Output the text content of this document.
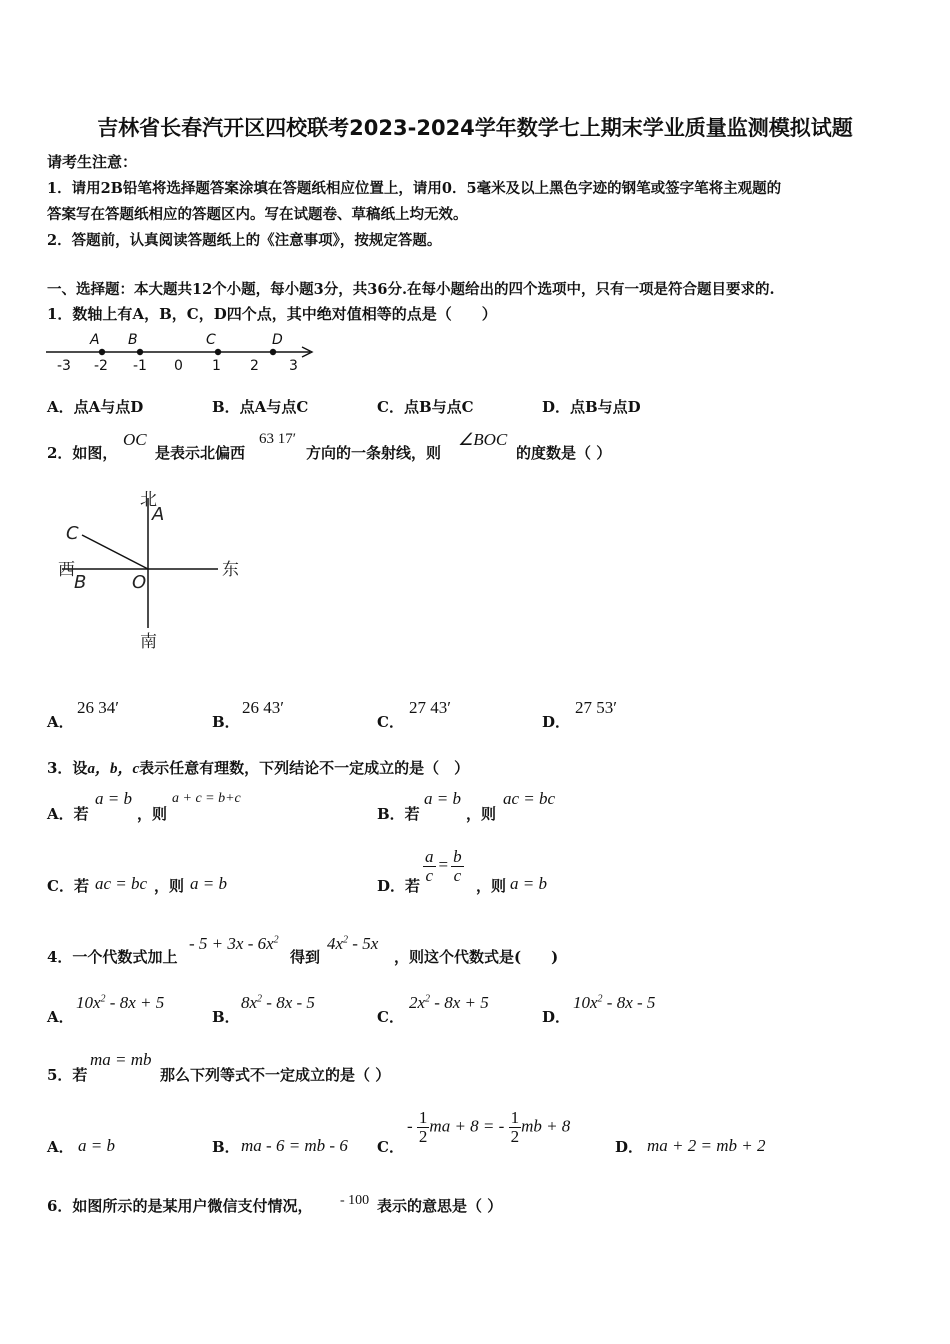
吉林省长春汽开区四校联考2023-2024学年数学七上期末学业质量监测模拟试题
请考生注意：
1．请用2B铅笔将选择题答案涂填在答题纸相应位置上，请用0．5毫米及以上黑色字迹的钢笔或签字笔将主观题的
答案写在答题纸相应的答题区内。写在试题卷、草稿纸上均无效。
2．答题前，认真阅读答题纸上的《注意事项》，按规定答题。
一、选择题：本大题共12个小题，每小题3分，共36分.在每小题给出的四个选项中，只有一项是符合题目要求的.
1．数轴上有A，B，C，D四个点，其中绝对值相等的点是（　　）
-3 -2 -1 0 1 2 3
A B	C	D
A．点A与点D	B．点A与点C	C．点B与点C	D．点B与点D
2．如图，
OC
是表示北偏西
63 17′
方向的一条射线，则
∠BOC
的度数是（ ）
北
南
东
西
A
B
C
O
A．
26 34′
B．
26 43′
C．
27 43′
D．
27 53′
3．设a，b，c表示任意有理数，下列结论不一定成立的是（　）
A．若
a = b
，则
a + c = b+c
B．若
a = b
，则
ac = bc
C．若 ac = bc ，则 a = b	D．若
$\frac{a}{c} = \frac{b}{c}$
，则 a = b
4．一个代数式加上
- $5 + 3x - 6x^2$
得到
$4x^2 - 5x$
，则这个代数式是(　　)
A．
$10x^2 - 8x + 5$
B．
$8x^2 - 8x - 5$
C．
$2x^2 - 8x + 5$
D．
$10x^2 - 8x - 5$
5．若
ma = mb
那么下列等式不一定成立的是（ ）
A． a = b	B． ma - 6 = mb - 6 C．
- $\frac{1}{2}$ ma + 8 = - $\frac{1}{2}$ mb + 8
D． ma + 2 = mb + 2
6．如图所示的是某用户微信支付情况， - 100 表示的意思是（ ）
